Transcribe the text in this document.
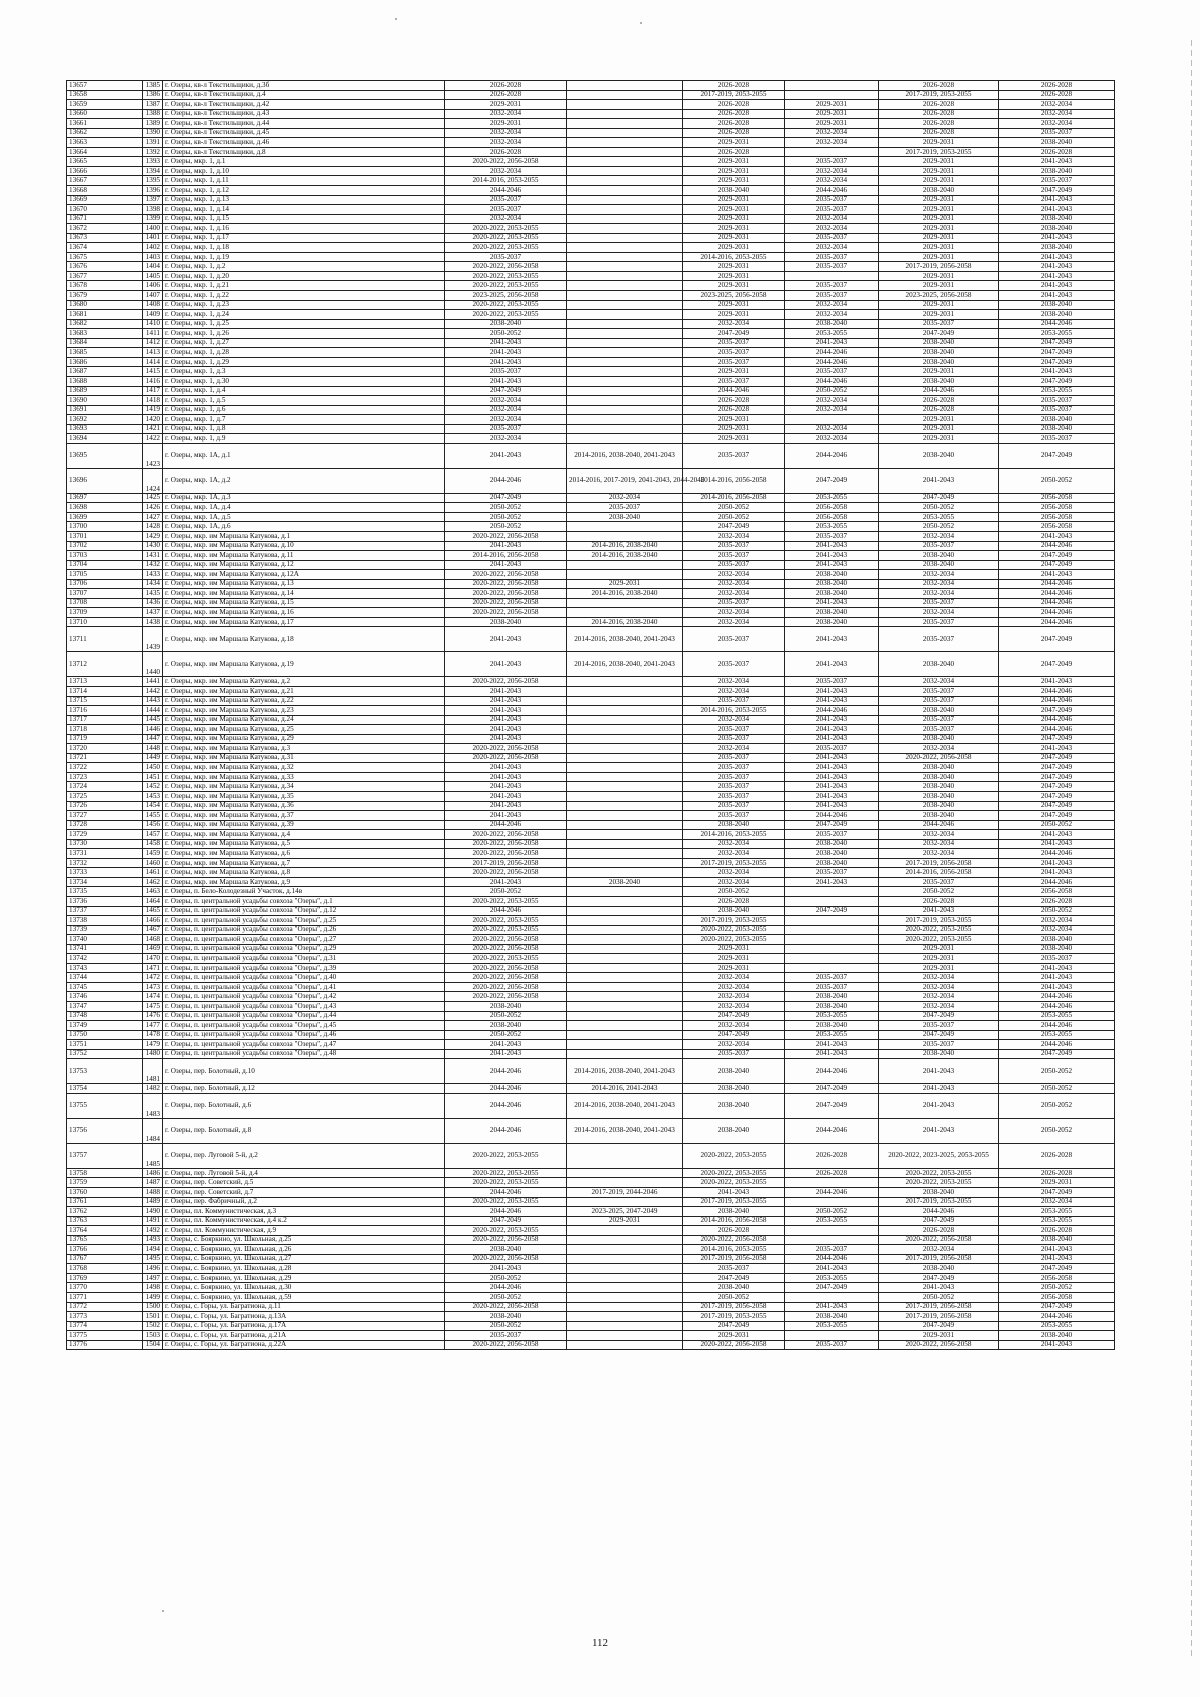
13657	1385	г. Озеры, кв-л Текстильщики, д.3б	2026-2028		2026-2028		2026-2028	2026-2028
13658	1386	г. Озеры, кв-л Текстильщики, д.4	2026-2028		2017-2019, 2053-2055		2017-2019, 2053-2055	2026-2028
13659	1387	г. Озеры, кв-л Текстильщики, д.42	2029-2031		2026-2028	2029-2031	2026-2028	2032-2034
13660	1388	г. Озеры, кв-л Текстильщики, д.43	2032-2034		2026-2028	2029-2031	2026-2028	2032-2034
13661	1389	г. Озеры, кв-л Текстильщики, д.44	2029-2031		2026-2028	2029-2031	2026-2028	2032-2034
13662	1390	г. Озеры, кв-л Текстильщики, д.45	2032-2034		2026-2028	2032-2034	2026-2028	2035-2037
13663	1391	г. Озеры, кв-л Текстильщики, д.46	2032-2034		2029-2031	2032-2034	2029-2031	2038-2040
13664	1392	г. Озеры, кв-л Текстильщики, д.8	2026-2028		2026-2028		2017-2019, 2053-2055	2026-2028
13665	1393	г. Озеры, мкр. 1, д.1	2020-2022, 2056-2058		2029-2031	2035-2037	2029-2031	2041-2043
13666	1394	г. Озеры, мкр. 1, д.10	2032-2034		2029-2031	2032-2034	2029-2031	2038-2040
13667	1395	г. Озеры, мкр. 1, д.11	2014-2016, 2053-2055		2029-2031	2032-2034	2029-2031	2035-2037
13668	1396	г. Озеры, мкр. 1, д.12	2044-2046		2038-2040	2044-2046	2038-2040	2047-2049
13669	1397	г. Озеры, мкр. 1, д.13	2035-2037		2029-2031	2035-2037	2029-2031	2041-2043
13670	1398	г. Озеры, мкр. 1, д.14	2035-2037		2029-2031	2035-2037	2029-2031	2041-2043
13671	1399	г. Озеры, мкр. 1, д.15	2032-2034		2029-2031	2032-2034	2029-2031	2038-2040
13672	1400	г. Озеры, мкр. 1, д.16	2020-2022, 2053-2055		2029-2031	2032-2034	2029-2031	2038-2040
13673	1401	г. Озеры, мкр. 1, д.17	2020-2022, 2053-2055		2029-2031	2035-2037	2029-2031	2041-2043
13674	1402	г. Озеры, мкр. 1, д.18	2020-2022, 2053-2055		2029-2031	2032-2034	2029-2031	2038-2040
13675	1403	г. Озеры, мкр. 1, д.19	2035-2037		2014-2016, 2053-2055	2035-2037	2029-2031	2041-2043
13676	1404	г. Озеры, мкр. 1, д.2	2020-2022, 2056-2058		2029-2031	2035-2037	2017-2019, 2056-2058	2041-2043
13677	1405	г. Озеры, мкр. 1, д.20	2020-2022, 2053-2055		2029-2031		2029-2031	2041-2043
13678	1406	г. Озеры, мкр. 1, д.21	2020-2022, 2053-2055		2029-2031	2035-2037	2029-2031	2041-2043
13679	1407	г. Озеры, мкр. 1, д.22	2023-2025, 2056-2058		2023-2025, 2056-2058	2035-2037	2023-2025, 2056-2058	2041-2043
13680	1408	г. Озеры, мкр. 1, д.23	2020-2022, 2053-2055		2029-2031	2032-2034	2029-2031	2038-2040
13681	1409	г. Озеры, мкр. 1, д.24	2020-2022, 2053-2055		2029-2031	2032-2034	2029-2031	2038-2040
13682	1410	г. Озеры, мкр. 1, д.25	2038-2040		2032-2034	2038-2040	2035-2037	2044-2046
13683	1411	г. Озеры, мкр. 1, д.26	2050-2052		2047-2049	2053-2055	2047-2049	2053-2055
13684	1412	г. Озеры, мкр. 1, д.27	2041-2043		2035-2037	2041-2043	2038-2040	2047-2049
13685	1413	г. Озеры, мкр. 1, д.28	2041-2043		2035-2037	2044-2046	2038-2040	2047-2049
13686	1414	г. Озеры, мкр. 1, д.29	2041-2043		2035-2037	2044-2046	2038-2040	2047-2049
13687	1415	г. Озеры, мкр. 1, д.3	2035-2037		2029-2031	2035-2037	2029-2031	2041-2043
13688	1416	г. Озеры, мкр. 1, д.30	2041-2043		2035-2037	2044-2046	2038-2040	2047-2049
13689	1417	г. Озеры, мкр. 1, д.4	2047-2049		2044-2046	2050-2052	2044-2046	2053-2055
13690	1418	г. Озеры, мкр. 1, д.5	2032-2034		2026-2028	2032-2034	2026-2028	2035-2037
13691	1419	г. Озеры, мкр. 1, д.6	2032-2034		2026-2028	2032-2034	2026-2028	2035-2037
13692	1420	г. Озеры, мкр. 1, д.7	2032-2034		2029-2031		2029-2031	2038-2040
13693	1421	г. Озеры, мкр. 1, д.8	2035-2037		2029-2031	2032-2034	2029-2031	2038-2040
13694	1422	г. Озеры, мкр. 1, д.9	2032-2034		2029-2031	2032-2034	2029-2031	2035-2037
13695	1423	г. Озеры, мкр. 1А, д.1	2041-2043	2014-2016, 2038-2040, 2041-2043	2035-2037	2044-2046	2038-2040	2047-2049
13696	1424	г. Озеры, мкр. 1А, д.2	2044-2046	2014-2016, 2017-2019, 2041-2043, 2044-2046	2014-2016, 2056-2058	2047-2049	2041-2043	2050-2052
13697	1425	г. Озеры, мкр. 1А, д.3	2047-2049	2032-2034	2014-2016, 2056-2058	2053-2055	2047-2049	2056-2058
13698	1426	г. Озеры, мкр. 1А, д.4	2050-2052	2035-2037	2050-2052	2056-2058	2050-2052	2056-2058
13699	1427	г. Озеры, мкр. 1А, д.5	2050-2052	2038-2040	2050-2052	2056-2058	2053-2055	2056-2058
13700	1428	г. Озеры, мкр. 1А, д.6	2050-2052		2047-2049	2053-2055	2050-2052	2056-2058
13701	1429	г. Озеры, мкр. им Маршала Катукова, д.1	2020-2022, 2056-2058		2032-2034	2035-2037	2032-2034	2041-2043
13702	1430	г. Озеры, мкр. им Маршала Катукова, д.10	2041-2043	2014-2016, 2038-2040	2035-2037	2041-2043	2035-2037	2044-2046
13703	1431	г. Озеры, мкр. им Маршала Катукова, д.11	2014-2016, 2056-2058	2014-2016, 2038-2040	2035-2037	2041-2043	2038-2040	2047-2049
13704	1432	г. Озеры, мкр. им Маршала Катукова, д.12	2041-2043		2035-2037	2041-2043	2038-2040	2047-2049
13705	1433	г. Озеры, мкр. им Маршала Катукова, д.12А	2020-2022, 2056-2058		2032-2034	2038-2040	2032-2034	2041-2043
13706	1434	г. Озеры, мкр. им Маршала Катукова, д.13	2020-2022, 2056-2058	2029-2031	2032-2034	2038-2040	2032-2034	2044-2046
13707	1435	г. Озеры, мкр. им Маршала Катукова, д.14	2020-2022, 2056-2058	2014-2016, 2038-2040	2032-2034	2038-2040	2032-2034	2044-2046
13708	1436	г. Озеры, мкр. им Маршала Катукова, д.15	2020-2022, 2056-2058		2035-2037	2041-2043	2035-2037	2044-2046
13709	1437	г. Озеры, мкр. им Маршала Катукова, д.16	2020-2022, 2056-2058		2032-2034	2038-2040	2032-2034	2044-2046
13710	1438	г. Озеры, мкр. им Маршала Катукова, д.17	2038-2040	2014-2016, 2038-2040	2032-2034	2038-2040	2035-2037	2044-2046
13711	1439	г. Озеры, мкр. им Маршала Катукова, д.18	2041-2043	2014-2016, 2038-2040, 2041-2043	2035-2037	2041-2043	2035-2037	2047-2049
13712	1440	г. Озеры, мкр. им Маршала Катукова, д.19	2041-2043	2014-2016, 2038-2040, 2041-2043	2035-2037	2041-2043	2038-2040	2047-2049
13713	1441	г. Озеры, мкр. им Маршала Катукова, д.2	2020-2022, 2056-2058		2032-2034	2035-2037	2032-2034	2041-2043
13714	1442	г. Озеры, мкр. им Маршала Катукова, д.21	2041-2043		2032-2034	2041-2043	2035-2037	2044-2046
13715	1443	г. Озеры, мкр. им Маршала Катукова, д.22	2041-2043		2035-2037	2041-2043	2035-2037	2044-2046
13716	1444	г. Озеры, мкр. им Маршала Катукова, д.23	2041-2043		2014-2016, 2053-2055	2044-2046	2038-2040	2047-2049
13717	1445	г. Озеры, мкр. им Маршала Катукова, д.24	2041-2043		2032-2034	2041-2043	2035-2037	2044-2046
13718	1446	г. Озеры, мкр. им Маршала Катукова, д.25	2041-2043		2035-2037	2041-2043	2035-2037	2044-2046
13719	1447	г. Озеры, мкр. им Маршала Катукова, д.29	2041-2043		2035-2037	2041-2043	2038-2040	2047-2049
13720	1448	г. Озеры, мкр. им Маршала Катукова, д.3	2020-2022, 2056-2058		2032-2034	2035-2037	2032-2034	2041-2043
13721	1449	г. Озеры, мкр. им Маршала Катукова, д.31	2020-2022, 2056-2058		2035-2037	2041-2043	2020-2022, 2056-2058	2047-2049
13722	1450	г. Озеры, мкр. им Маршала Катукова, д.32	2041-2043		2035-2037	2041-2043	2038-2040	2047-2049
13723	1451	г. Озеры, мкр. им Маршала Катукова, д.33	2041-2043		2035-2037	2041-2043	2038-2040	2047-2049
13724	1452	г. Озеры, мкр. им Маршала Катукова, д.34	2041-2043		2035-2037	2041-2043	2038-2040	2047-2049
13725	1453	г. Озеры, мкр. им Маршала Катукова, д.35	2041-2043		2035-2037	2041-2043	2038-2040	2047-2049
13726	1454	г. Озеры, мкр. им Маршала Катукова, д.36	2041-2043		2035-2037	2041-2043	2038-2040	2047-2049
13727	1455	г. Озеры, мкр. им Маршала Катукова, д.37	2041-2043		2035-2037	2044-2046	2038-2040	2047-2049
13728	1456	г. Озеры, мкр. им Маршала Катукова, д.39	2044-2046		2038-2040	2047-2049	2044-2046	2050-2052
13729	1457	г. Озеры, мкр. им Маршала Катукова, д.4	2020-2022, 2056-2058		2014-2016, 2053-2055	2035-2037	2032-2034	2041-2043
13730	1458	г. Озеры, мкр. им Маршала Катукова, д.5	2020-2022, 2056-2058		2032-2034	2038-2040	2032-2034	2041-2043
13731	1459	г. Озеры, мкр. им Маршала Катукова, д.6	2020-2022, 2056-2058		2032-2034	2038-2040	2032-2034	2044-2046
13732	1460	г. Озеры, мкр. им Маршала Катукова, д.7	2017-2019, 2056-2058		2017-2019, 2053-2055	2038-2040	2017-2019, 2056-2058	2041-2043
13733	1461	г. Озеры, мкр. им Маршала Катукова, д.8	2020-2022, 2056-2058		2032-2034	2035-2037	2014-2016, 2056-2058	2041-2043
13734	1462	г. Озеры, мкр. им Маршала Катукова, д.9	2041-2043	2038-2040	2032-2034	2041-2043	2035-2037	2044-2046
13735	1463	г. Озеры, п. Бело-Колодезный Участок, д.14в	2050-2052		2050-2052		2050-2052	2056-2058
13736	1464	г. Озеры, п. центральной усадьбы совхоза "Озеры", д.1	2020-2022, 2053-2055		2026-2028		2026-2028	2026-2028
13737	1465	г. Озеры, п. центральной усадьбы совхоза "Озеры", д.12	2044-2046		2038-2040	2047-2049	2041-2043	2050-2052
13738	1466	г. Озеры, п. центральной усадьбы совхоза "Озеры", д.25	2020-2022, 2053-2055		2017-2019, 2053-2055		2017-2019, 2053-2055	2032-2034
13739	1467	г. Озеры, п. центральной усадьбы совхоза "Озеры", д.26	2020-2022, 2053-2055		2020-2022, 2053-2055		2020-2022, 2053-2055	2032-2034
13740	1468	г. Озеры, п. центральной усадьбы совхоза "Озеры", д.27	2020-2022, 2056-2058		2020-2022, 2053-2055		2020-2022, 2053-2055	2038-2040
13741	1469	г. Озеры, п. центральной усадьбы совхоза "Озеры", д.29	2020-2022, 2056-2058		2029-2031		2029-2031	2038-2040
13742	1470	г. Озеры, п. центральной усадьбы совхоза "Озеры", д.31	2020-2022, 2053-2055		2029-2031		2029-2031	2035-2037
13743	1471	г. Озеры, п. центральной усадьбы совхоза "Озеры", д.39	2020-2022, 2056-2058		2029-2031		2029-2031	2041-2043
13744	1472	г. Озеры, п. центральной усадьбы совхоза "Озеры", д.40	2020-2022, 2056-2058		2032-2034	2035-2037	2032-2034	2041-2043
13745	1473	г. Озеры, п. центральной усадьбы совхоза "Озеры", д.41	2020-2022, 2056-2058		2032-2034	2035-2037	2032-2034	2041-2043
13746	1474	г. Озеры, п. центральной усадьбы совхоза "Озеры", д.42	2020-2022, 2056-2058		2032-2034	2038-2040	2032-2034	2044-2046
13747	1475	г. Озеры, п. центральной усадьбы совхоза "Озеры", д.43	2038-2040		2032-2034	2038-2040	2032-2034	2044-2046
13748	1476	г. Озеры, п. центральной усадьбы совхоза "Озеры", д.44	2050-2052		2047-2049	2053-2055	2047-2049	2053-2055
13749	1477	г. Озеры, п. центральной усадьбы совхоза "Озеры", д.45	2038-2040		2032-2034	2038-2040	2035-2037	2044-2046
13750	1478	г. Озеры, п. центральной усадьбы совхоза "Озеры", д.46	2050-2052		2047-2049	2053-2055	2047-2049	2053-2055
13751	1479	г. Озеры, п. центральной усадьбы совхоза "Озеры", д.47	2041-2043		2032-2034	2041-2043	2035-2037	2044-2046
13752	1480	г. Озеры, п. центральной усадьбы совхоза "Озеры", д.48	2041-2043		2035-2037	2041-2043	2038-2040	2047-2049
13753	1481	г. Озеры, пер. Болотный, д.10	2044-2046	2014-2016, 2038-2040, 2041-2043	2038-2040	2044-2046	2041-2043	2050-2052
13754	1482	г. Озеры, пер. Болотный, д.12	2044-2046	2014-2016, 2041-2043	2038-2040	2047-2049	2041-2043	2050-2052
13755	1483	г. Озеры, пер. Болотный, д.6	2044-2046	2014-2016, 2038-2040, 2041-2043	2038-2040	2047-2049	2041-2043	2050-2052
13756	1484	г. Озеры, пер. Болотный, д.8	2044-2046	2014-2016, 2038-2040, 2041-2043	2038-2040	2044-2046	2041-2043	2050-2052
13757	1485	г. Озеры, пер. Луговой 5-й, д.2	2020-2022, 2053-2055		2020-2022, 2053-2055	2026-2028	2020-2022, 2023-2025, 2053-2055	2026-2028
13758	1486	г. Озеры, пер. Луговой 5-й, д.4	2020-2022, 2053-2055		2020-2022, 2053-2055	2026-2028	2020-2022, 2053-2055	2026-2028
13759	1487	г. Озеры, пер. Советский, д.5	2020-2022, 2053-2055		2020-2022, 2053-2055		2020-2022, 2053-2055	2029-2031
13760	1488	г. Озеры, пер. Советский, д.7	2044-2046	2017-2019, 2044-2046	2041-2043	2044-2046	2038-2040	2047-2049
13761	1489	г. Озеры, пер. Фабричный, д.2	2020-2022, 2053-2055		2017-2019, 2053-2055		2017-2019, 2053-2055	2032-2034
13762	1490	г. Озеры, пл. Коммунистическая, д.3	2044-2046	2023-2025, 2047-2049	2038-2040	2050-2052	2044-2046	2053-2055
13763	1491	г. Озеры, пл. Коммунистическая, д.4 к.2	2047-2049	2029-2031	2014-2016, 2056-2058	2053-2055	2047-2049	2053-2055
13764	1492	г. Озеры, пл. Коммунистическая, д.9	2020-2022, 2053-2055		2026-2028		2026-2028	2026-2028
13765	1493	г. Озеры, с. Бояркино, ул. Школьная, д.25	2020-2022, 2056-2058		2020-2022, 2056-2058		2020-2022, 2056-2058	2038-2040
13766	1494	г. Озеры, с. Бояркино, ул. Школьная, д.26	2038-2040		2014-2016, 2053-2055	2035-2037	2032-2034	2041-2043
13767	1495	г. Озеры, с. Бояркино, ул. Школьная, д.27	2020-2022, 2056-2058		2017-2019, 2056-2058	2044-2046	2017-2019, 2056-2058	2041-2043
13768	1496	г. Озеры, с. Бояркино, ул. Школьная, д.28	2041-2043		2035-2037	2041-2043	2038-2040	2047-2049
13769	1497	г. Озеры, с. Бояркино, ул. Школьная, д.29	2050-2052		2047-2049	2053-2055	2047-2049	2056-2058
13770	1498	г. Озеры, с. Бояркино, ул. Школьная, д.30	2044-2046		2038-2040	2047-2049	2041-2043	2050-2052
13771	1499	г. Озеры, с. Бояркино, ул. Школьная, д.59	2050-2052		2050-2052		2050-2052	2056-2058
13772	1500	г. Озеры, с. Горы, ул. Багратиона, д.11	2020-2022, 2056-2058		2017-2019, 2056-2058	2041-2043	2017-2019, 2056-2058	2047-2049
13773	1501	г. Озеры, с. Горы, ул. Багратиона, д.13А	2038-2040		2017-2019, 2053-2055	2038-2040	2017-2019, 2056-2058	2044-2046
13774	1502	г. Озеры, с. Горы, ул. Багратиона, д.17А	2050-2052		2047-2049	2053-2055	2047-2049	2053-2055
13775	1503	г. Озеры, с. Горы, ул. Багратиона, д.21А	2035-2037		2029-2031		2029-2031	2038-2040
13776	1504	г. Озеры, с. Горы, ул. Багратиона, д.22А	2020-2022, 2056-2058		2020-2022, 2056-2058	2035-2037	2020-2022, 2056-2058	2041-2043
112
